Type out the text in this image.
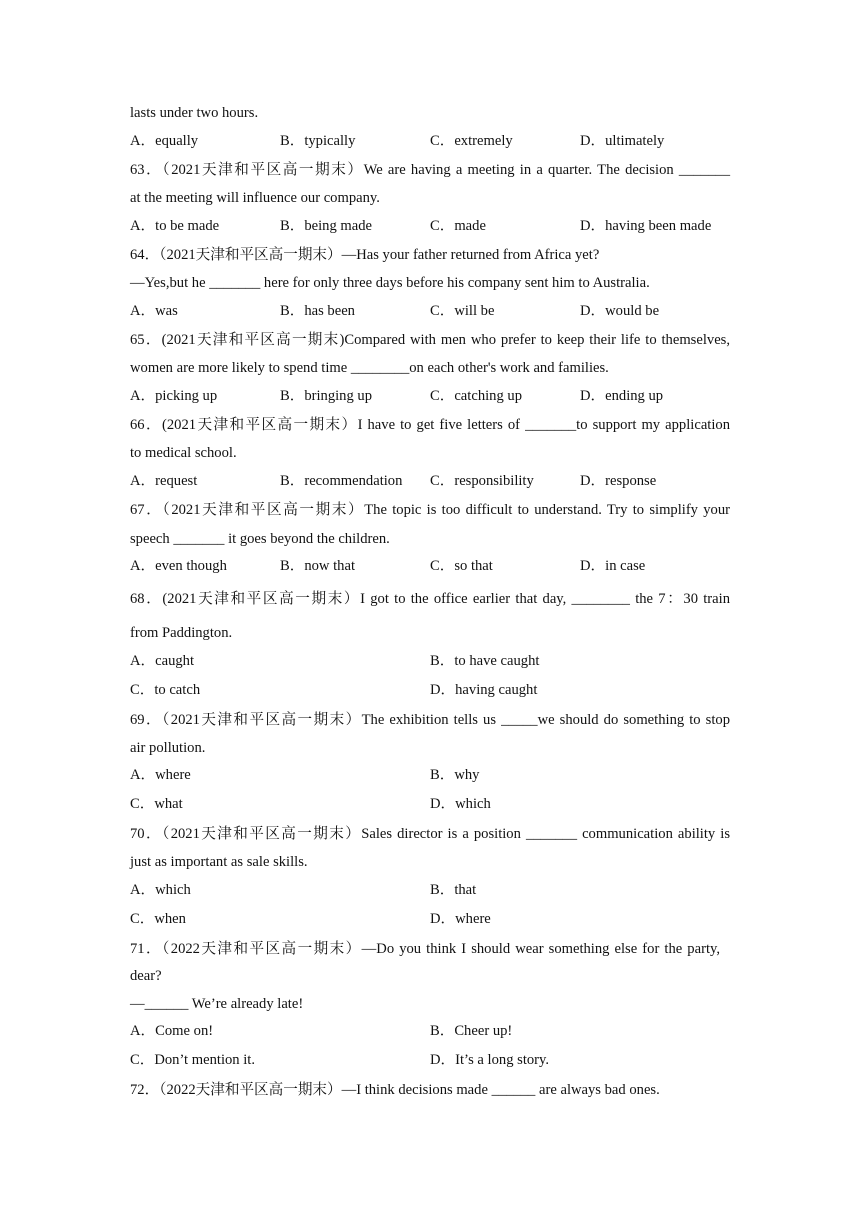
lasts under two hours.
A．equally	B．typically	C．extremely	D．ultimately
63．（2021天津和平区高一期末）We are having a meeting in a quarter. The decision _______
at the meeting will influence our company.
A．to be made	B．being made	C．made	D．having been made
64．（2021天津和平区高一期末）—Has your father returned from Africa yet?
—Yes,but he _______ here for only three days before his company sent him to Australia.
A．was	B．has been	C．will be	D．would be
65．(2021天津和平区高一期末)Compared with men who prefer to keep their life to themselves,
women are more likely to spend time ________on each other's work and families.
A．picking up	B．bringing up	C．catching up	D．ending up
66．(2021天津和平区高一期末）I have to get five letters of _______to support my application
to medical school.
A．request	B．recommendation C．responsibility	D．response
67．（2021天津和平区高一期末）The topic is too difficult to understand. Try to simplify your
speech _______ it goes beyond the children.
A．even though	B．now that	C．so that	D．in case
68．(2021天津和平区高一期末）I got to the office earlier that day, ________ the 7：30 train
from Paddington.
A．caught	B．to have caught
C．to catch	D．having caught
69．（2021天津和平区高一期末）The exhibition tells us _____we should do something to stop
air pollution.
A．where	B．why
C．what	D．which
70．（2021天津和平区高一期末）Sales director is a position _______ communication ability is
just as important as sale skills.
A．which	B．that
C．when	D．where
71．（2022天津和平区高一期末）—Do you think I should wear something else for the party,
dear?
—______ We’re already late!
A．Come on!	B．Cheer up!
C．Don’t mention it.	D．It’s a long story.
72．（2022天津和平区高一期末）—I think decisions made ______ are always bad ones.
